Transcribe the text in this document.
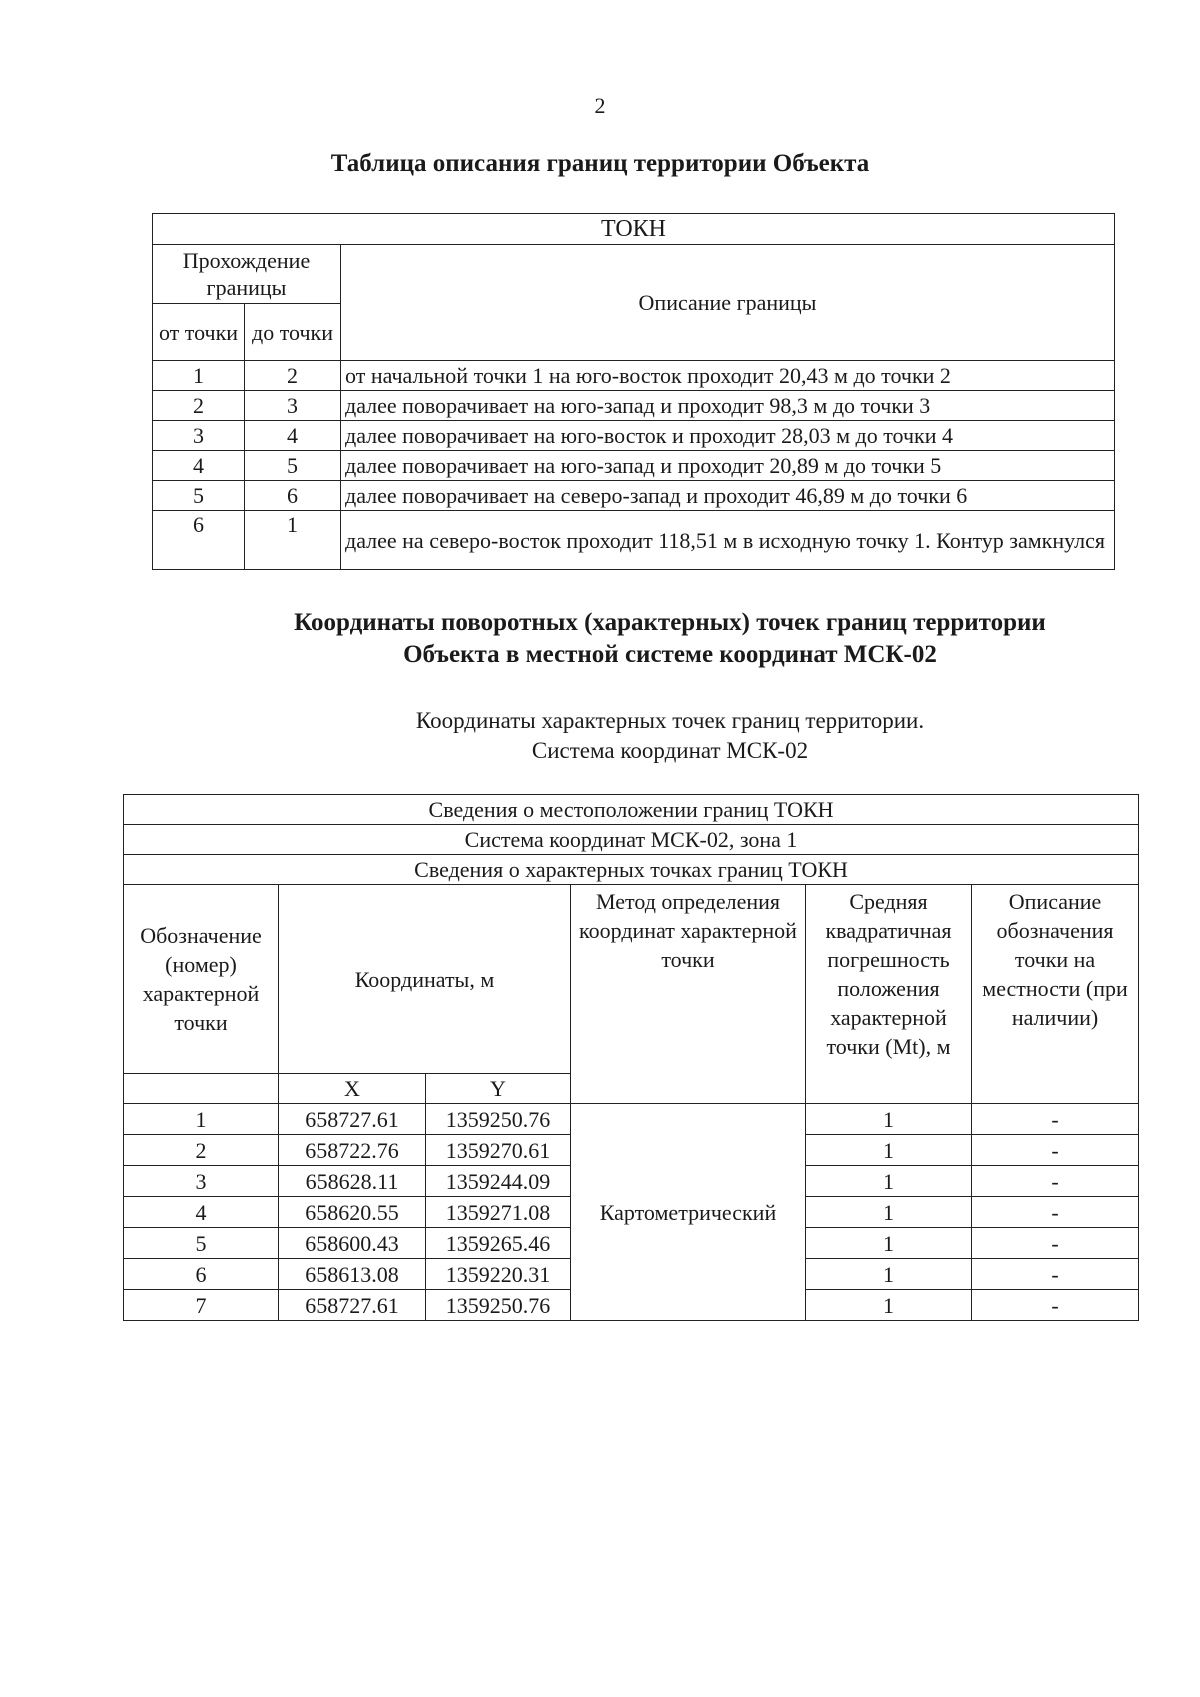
2
Таблица описания границ территории Объекта
ТОКН		
Прохождение границы		Описание границы
от точки	до точки	
1	2	от начальной точки 1 на юго-восток проходит 20,43 м до точки 2
2	3	далее поворачивает на юго-запад и проходит 98,3 м до точки 3
3	4	далее поворачивает на юго-восток и проходит 28,03 м до точки 4
4	5	далее поворачивает на юго-запад и проходит 20,89 м до точки 5
5	6	далее поворачивает на северо-запад и проходит 46,89 м до точки 6
6	1	далее на северо-восток проходит 118,51 м в исходную точку 1. Контур замкнулся
Координаты поворотных (характерных) точек границ территории
Объекта в местной системе координат МСК-02
Координаты характерных точек границ территории.
Система координат МСК-02
Сведения о местоположении границ ТОКН					
Система координат МСК-02, зона 1					
Сведения о характерных точках границ ТОКН					
Обозначение (номер) характерной точки	Координаты, м		Метод определения координат характерной точки	Средняя квадратичная погрешность положения характерной точки (Mt), м	Описание обозначения точки на местности (при наличии)
	X	Y			
1	658727.61	1359250.76	Картометрический	1	-
2	658722.76	1359270.61		1	-
3	658628.11	1359244.09		1	-
4	658620.55	1359271.08		1	-
5	658600.43	1359265.46		1	-
6	658613.08	1359220.31		1	-
7	658727.61	1359250.76		1	-
